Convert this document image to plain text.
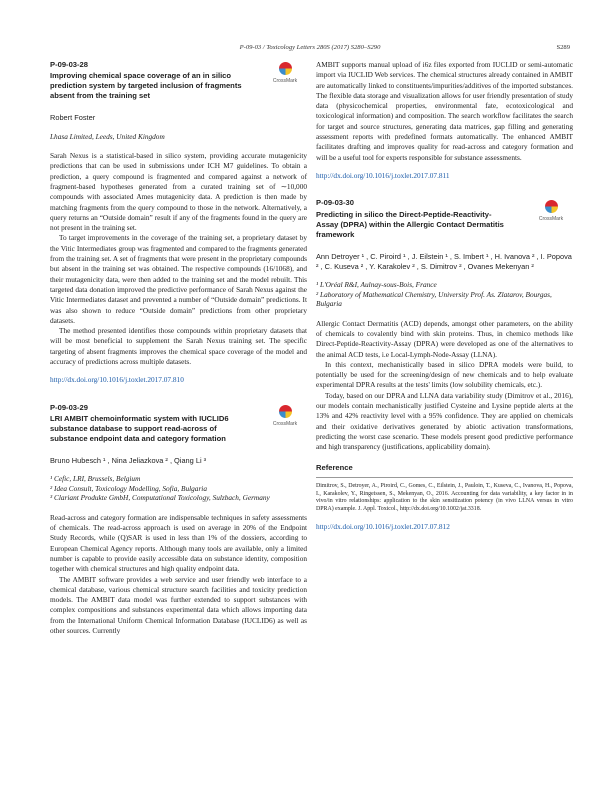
P-09-03 / Toxicology Letters 280S (2017) S280–S290	S289
P-09-03-28

Improving chemical space coverage of an in silico prediction system by targeted inclusion of fragments absent from the training set

CrossMark
Robert Foster
Lhasa Limited, Leeds, United Kingdom

Sarah Nexus is a statistical-based in silico system, providing accurate mutagenicity predictions that can be used in submissions under ICH M7 guidelines. To obtain a prediction, a query compound is fragmented and compared against a network of fragment-based hypotheses generated from a curated training set of ∼10,000 compounds with associated Ames mutagenicity data. A prediction is then made by matching fragments from the query compound to those in the network. Alternatively, a query returns an “Outside domain” result if any of the fragments found in the query are not present in the training set.

To target improvements in the coverage of the training set, a proprietary dataset by the Vitic Intermediates group was fragmented and compared to the fragments generated from the training set. A set of fragments that were present in the proprietary compounds but absent in the training set was obtained. The respective compounds (16/1068), and their mutagenicity data, were then added to the training set and the model rebuilt. This targeted data donation improved the predictive performance of Sarah Nexus against the Vitic Intermediates dataset and prevented a number of “Outside domain” predictions. It was also shown to reduce “Outside domain” predictions from other proprietary datasets.

The method presented identifies those compounds within proprietary datasets that will be most beneficial to supplement the Sarah Nexus training set. The specific targeting of absent fragments improves the chemical space coverage of the model and accuracy of predictions across multiple datasets.

http://dx.doi.org/10.1016/j.toxlet.2017.07.810
P-09-03-29

LRI AMBIT chemoinformatic system with IUCLID6 substance database to support read-across of substance endpoint data and category formation

CrossMark
Bruno Hubesch ¹ , Nina Jeliazkova ² , Qiang Li ³
¹ Cefic, LRI, Brussels, Belgium
² Idea Consult, Toxicology Modelling, Sofia, Bulgaria
³ Clariant Produkte GmbH, Computational Toxicology, Sulzbach, Germany

Read-across and category formation are indispensable techniques in safety assessments of chemicals. The read-across approach is used on average in 20% of the Endpoint Study Records, while (Q)SAR is used in less than 1% of the dossiers, according to European Chemical Agency reports. Although many tools are available, only a limited number is capable to provide easily accessible data on substance identity, composition together with chemical structures and high quality endpoint data.

The AMBIT software provides a web service and user friendly web interface to a chemical database, various chemical structure search facilities and toxicity prediction models. The AMBIT data model was further extended to support substances with complex compositions and substances experimental data which allows importing data from the International Uniform Chemical Information Database (IUCLID6) as well as other sources. Currently

AMBIT supports manual upload of i6z files exported from IUCLID or semi-automatic import via IUCLID Web services. The chemical structures already contained in AMBIT are automatically linked to constituents/impurities/additives of the imported substances. The flexible data storage and visualization allows for user friendly presentation of study data (physicochemical properties, environmental fate, ecotoxicological and toxicological information) and composition. The search workflow facilitates the search for target and source structures, generating data matrices, gap filling and generating assessment reports with predefined formats automatically. The enhanced AMBIT facilitates drafting and improves quality for read-across and category formation and will be a useful tool for experts responsible for substance assessments.

http://dx.doi.org/10.1016/j.toxlet.2017.07.811
P-09-03-30

Predicting in silico the Direct-Peptide-Reactivity-Assay (DPRA) within the Allergic Contact Dermatitis framework

CrossMark
Ann Detroyer ¹ , C. Piroird ¹ , J. Eilstein ¹ , S. Imbert ¹ , H. Ivanova ² , I. Popova ² , C. Kuseva ² , Y. Karakolev ² , S. Dimitrov ² , Ovanes Mekenyan ²
¹ L'Oréal R&I, Aulnay-sous-Bois, France
² Laboratory of Mathematical Chemistry, University Prof. As. Zlatarov, Bourgas, Bulgaria

Allergic Contact Dermatitis (ACD) depends, amongst other parameters, on the ability of chemicals to covalently bind with skin proteins. Thus, in chemico methods like Direct-Peptide-Reactivity-Assay (DPRA) were developed as one of the alternatives to the animal ACD tests, i.e Local-Lymph-Node-Assay (LLNA).

In this context, mechanistically based in silico DPRA models were build, to potentially be used for the screening/design of new chemicals and to help evaluate experimental DPRA results at the tests' limits (low solubility chemicals, etc.).

Today, based on our DPRA and LLNA data variability study (Dimitrov et al., 2016), our models contain mechanistically justified Cysteine and Lysine peptide alerts at the 13% and 42% reactivity level with a 95% confidence. They are applied on chemicals and their oxidative derivatives generated by abiotic activation transformations, predicting the worst case scenario. These models present good predictive performance and high transparency (justifications, applicability domain).

Reference
Dimitrov, S., Detroyer, A., Piroird, C., Gomes, C., Eilstein, J., Pauloin, T., Kuseva, C., Ivanova, H., Popova, I., Karakolev, Y., Ringeissen, S., Mekenyan, O., 2016. Accounting for data variability, a key factor in in vivo/in vitro relationships: application to the skin sensitization potency (in vivo LLNA versus in vitro DPRA) example. J. Appl. Toxicol., http://dx.doi.org/10.1002/jat.3318.
http://dx.doi.org/10.1016/j.toxlet.2017.07.812
